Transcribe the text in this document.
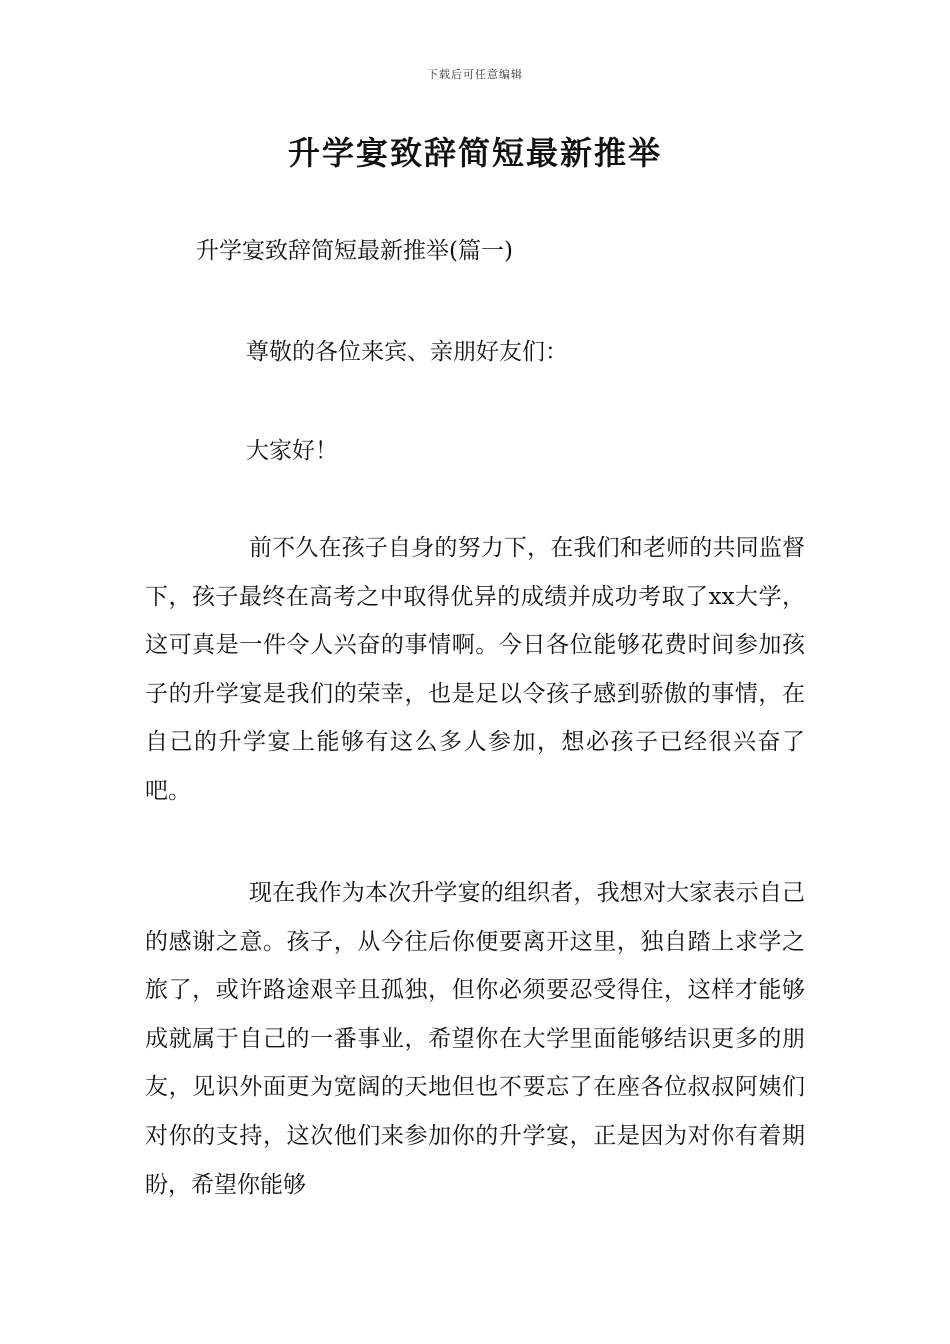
下载后可任意编辑
升学宴致辞简短最新推举
升学宴致辞简短最新推举(篇一)
尊敬的各位来宾、亲朋好友们：
大家好！

前不久在孩子自身的努力下，在我们和老师的共同监督下，孩子最终在高考之中取得优异的成绩并成功考取了xx大学，这可真是一件令人兴奋的事情啊。今日各位能够花费时间参加孩子的升学宴是我们的荣幸，也是足以令孩子感到骄傲的事情，在自己的升学宴上能够有这么多人参加，想必孩子已经很兴奋了吧。

现在我作为本次升学宴的组织者，我想对大家表示自己的感谢之意。孩子，从今往后你便要离开这里，独自踏上求学之旅了，或许路途艰辛且孤独，但你必须要忍受得住，这样才能够成就属于自己的一番事业，希望你在大学里面能够结识更多的朋友，见识外面更为宽阔的天地但也不要忘了在座各位叔叔阿姨们对你的支持，这次他们来参加你的升学宴，正是因为对你有着期盼，希望你能够
